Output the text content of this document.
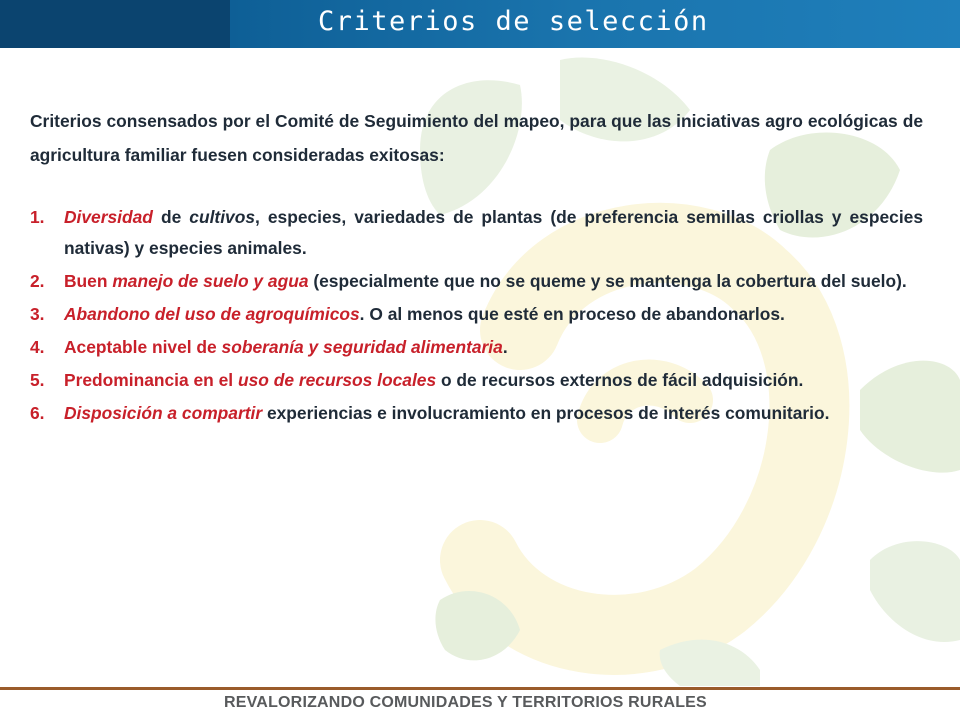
Criterios de selección

Criterios consensados por el Comité de Seguimiento del mapeo, para que las iniciativas agro ecológicas de agricultura familiar fuesen consideradas exitosas:

1. Diversidad de cultivos, especies, variedades de plantas (de preferencia semillas criollas y especies nativas) y especies animales.
2. Buen manejo de suelo y agua (especialmente que no se queme y se mantenga la cobertura del suelo).
3. Abandono del uso de agroquímicos. O al menos que esté en proceso de abandonarlos.
4. Aceptable nivel de soberanía y seguridad alimentaria.
5. Predominancia en el uso de recursos locales o de recursos externos de fácil adquisición.
6. Disposición a compartir experiencias e involucramiento en procesos de interés comunitario.

REVALORIZANDO COMUNIDADES Y TERRITORIOS RURALES
